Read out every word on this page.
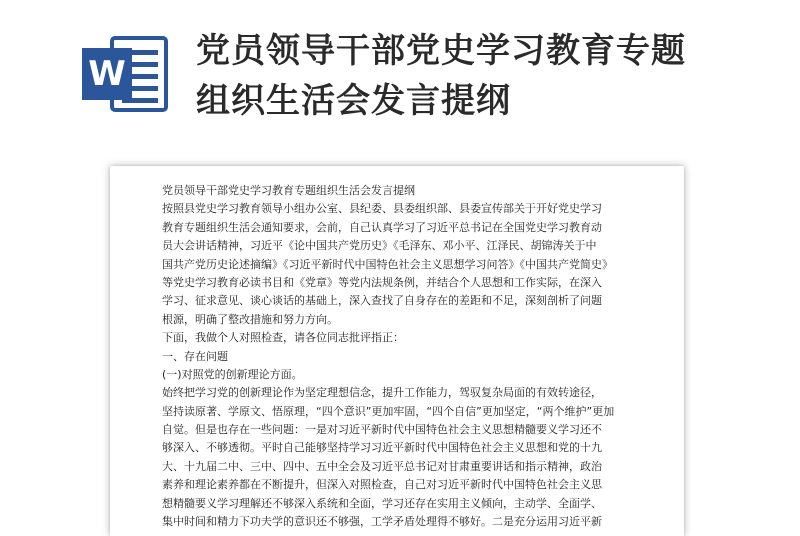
W
党员领导干部党史学习教育专题
组织生活会发言提纲
党员领导干部党史学习教育专题组织生活会发言提纲
按照县党史学习教育领导小组办公室、县纪委、县委组织部、县委宣传部关于开好党史学习
教育专题组织生活会通知要求，会前，自己认真学习了习近平总书记在全国党史学习教育动
员大会讲话精神，习近平《论中国共产党历史》《毛泽东、邓小平、江泽民、胡锦涛关于中
国共产党历史论述摘编》《习近平新时代中国特色社会主义思想学习问答》《中国共产党简史》
等党史学习教育必读书目和《党章》等党内法规条例，并结合个人思想和工作实际，在深入
学习、征求意见、谈心谈话的基础上，深入查找了自身存在的差距和不足，深刻剖析了问题
根源，明确了整改措施和努力方向。
下面，我做个人对照检查，请各位同志批评指正：
一、存在问题
(一)对照党的创新理论方面。
始终把学习党的创新理论作为坚定理想信念，提升工作能力，驾驭复杂局面的有效转途径，
坚持读原著、学原文、悟原理，“四个意识”更加牢固，“四个自信”更加坚定，“两个维护”更加
自觉。但是也存在一些问题：一是对习近平新时代中国特色社会主义思想精髓要义学习还不
够深入、不够透彻。平时自己能够坚持学习习近平新时代中国特色社会主义思想和党的十九
大、十九届二中、三中、四中、五中全会及习近平总书记对甘肃重要讲话和指示精神，政治
素养和理论素养都在不断提升，但深入对照检查，自己对习近平新时代中国特色社会主义思
想精髓要义学习理解还不够深入系统和全面，学习还存在实用主义倾向，主动学、全面学、
集中时间和精力下功夫学的意识还不够强，工学矛盾处理得不够好。二是充分运用习近平新
